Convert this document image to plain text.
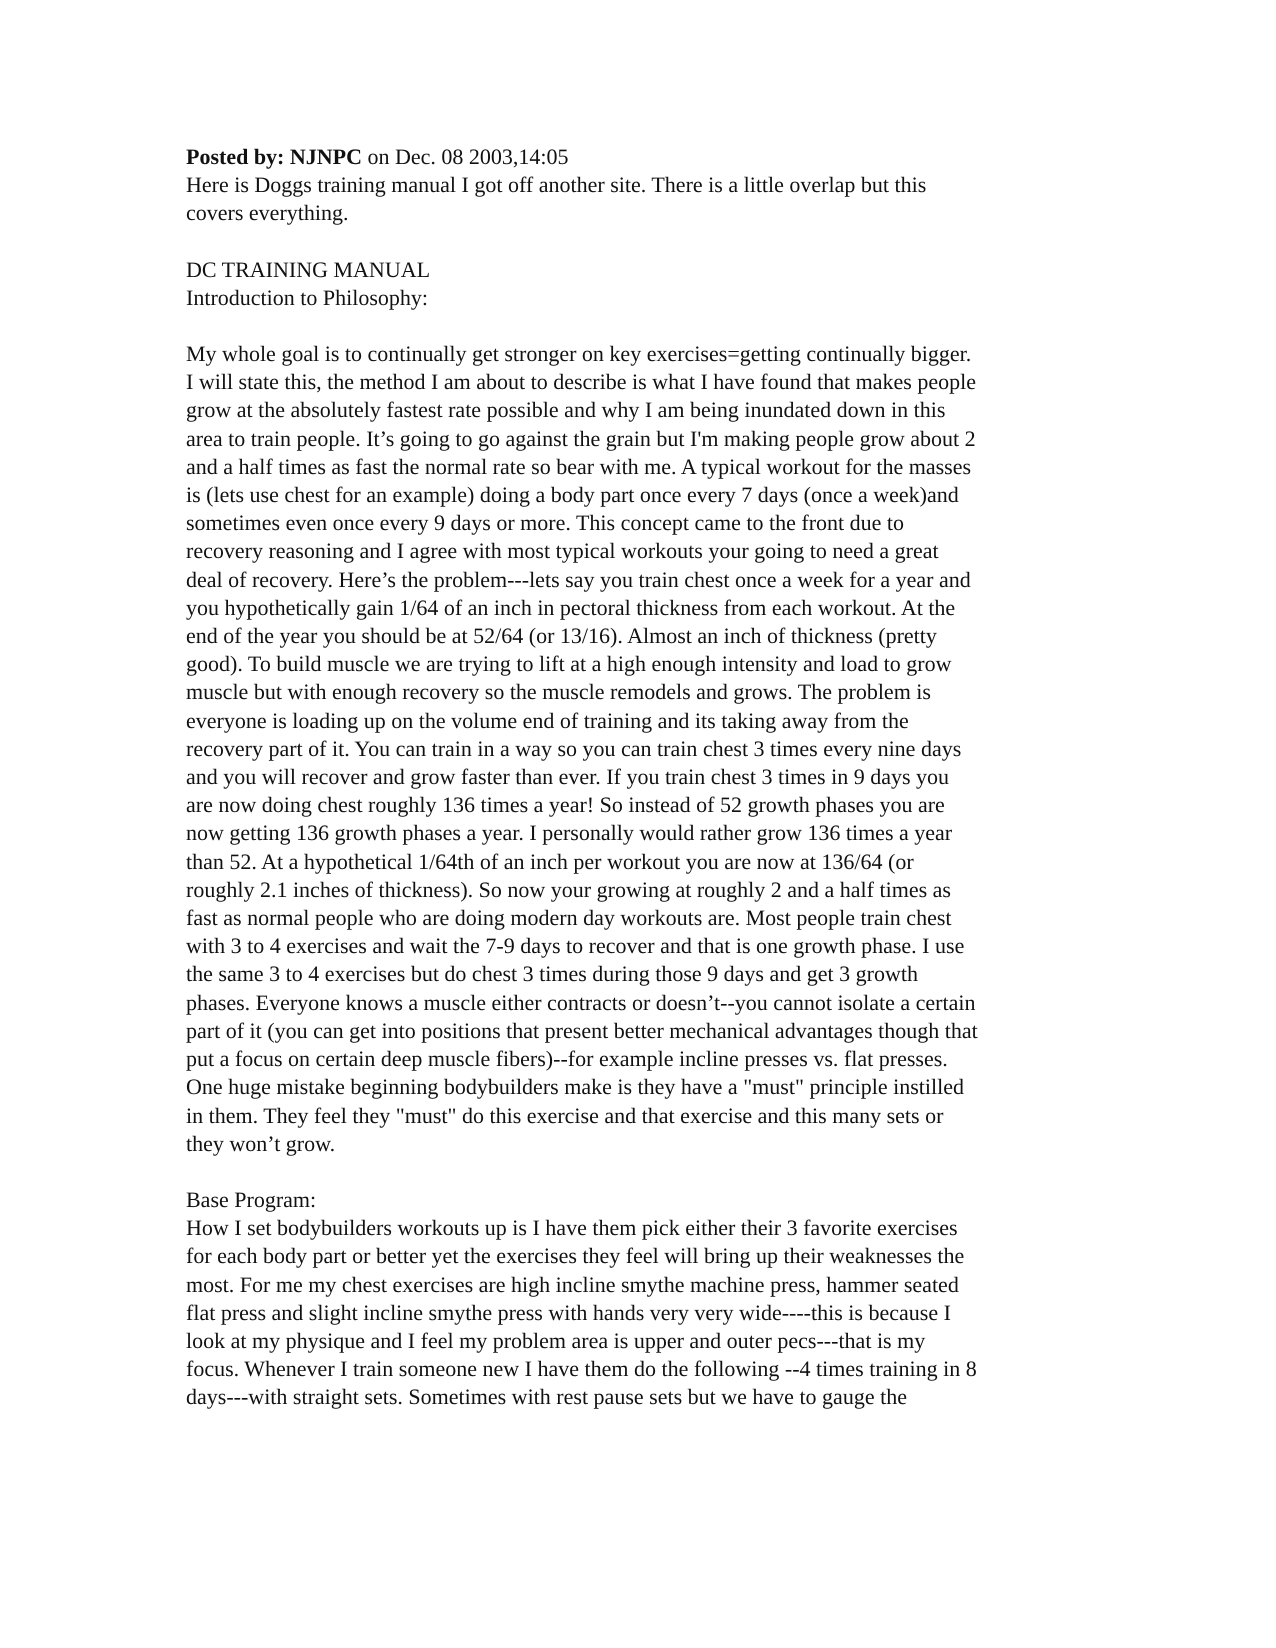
Posted by: NJNPC on Dec. 08 2003,14:05

Here is Doggs training manual I got off another site. There is a little overlap but this
covers everything.

DC TRAINING MANUAL

Introduction to Philosophy:

My whole goal is to continually get stronger on key exercises=getting continually bigger.
I will state this, the method I am about to describe is what I have found that makes people
grow at the absolutely fastest rate possible and why I am being inundated down in this
area to train people. It’s going to go against the grain but I'm making people grow about 2
and a half times as fast the normal rate so bear with me. A typical workout for the masses
is (lets use chest for an example) doing a body part once every 7 days (once a week)and
sometimes even once every 9 days or more. This concept came to the front due to
recovery reasoning and I agree with most typical workouts your going to need a great
deal of recovery. Here’s the problem---lets say you train chest once a week for a year and
you hypothetically gain 1/64 of an inch in pectoral thickness from each workout. At the
end of the year you should be at 52/64 (or 13/16). Almost an inch of thickness (pretty
good). To build muscle we are trying to lift at a high enough intensity and load to grow
muscle but with enough recovery so the muscle remodels and grows. The problem is
everyone is loading up on the volume end of training and its taking away from the
recovery part of it. You can train in a way so you can train chest 3 times every nine days
and you will recover and grow faster than ever. If you train chest 3 times in 9 days you
are now doing chest roughly 136 times a year! So instead of 52 growth phases you are
now getting 136 growth phases a year. I personally would rather grow 136 times a year
than 52. At a hypothetical 1/64th of an inch per workout you are now at 136/64 (or
roughly 2.1 inches of thickness). So now your growing at roughly 2 and a half times as
fast as normal people who are doing modern day workouts are. Most people train chest
with 3 to 4 exercises and wait the 7-9 days to recover and that is one growth phase. I use
the same 3 to 4 exercises but do chest 3 times during those 9 days and get 3 growth
phases. Everyone knows a muscle either contracts or doesn’t--you cannot isolate a certain
part of it (you can get into positions that present better mechanical advantages though that
put a focus on certain deep muscle fibers)--for example incline presses vs. flat presses.
One huge mistake beginning bodybuilders make is they have a "must" principle instilled
in them. They feel they "must" do this exercise and that exercise and this many sets or
they won’t grow.

Base Program:

How I set bodybuilders workouts up is I have them pick either their 3 favorite exercises
for each body part or better yet the exercises they feel will bring up their weaknesses the
most. For me my chest exercises are high incline smythe machine press, hammer seated
flat press and slight incline smythe press with hands very very wide----this is because I
look at my physique and I feel my problem area is upper and outer pecs---that is my
focus. Whenever I train someone new I have them do the following --4 times training in 8
days---with straight sets. Sometimes with rest pause sets but we have to gauge the
